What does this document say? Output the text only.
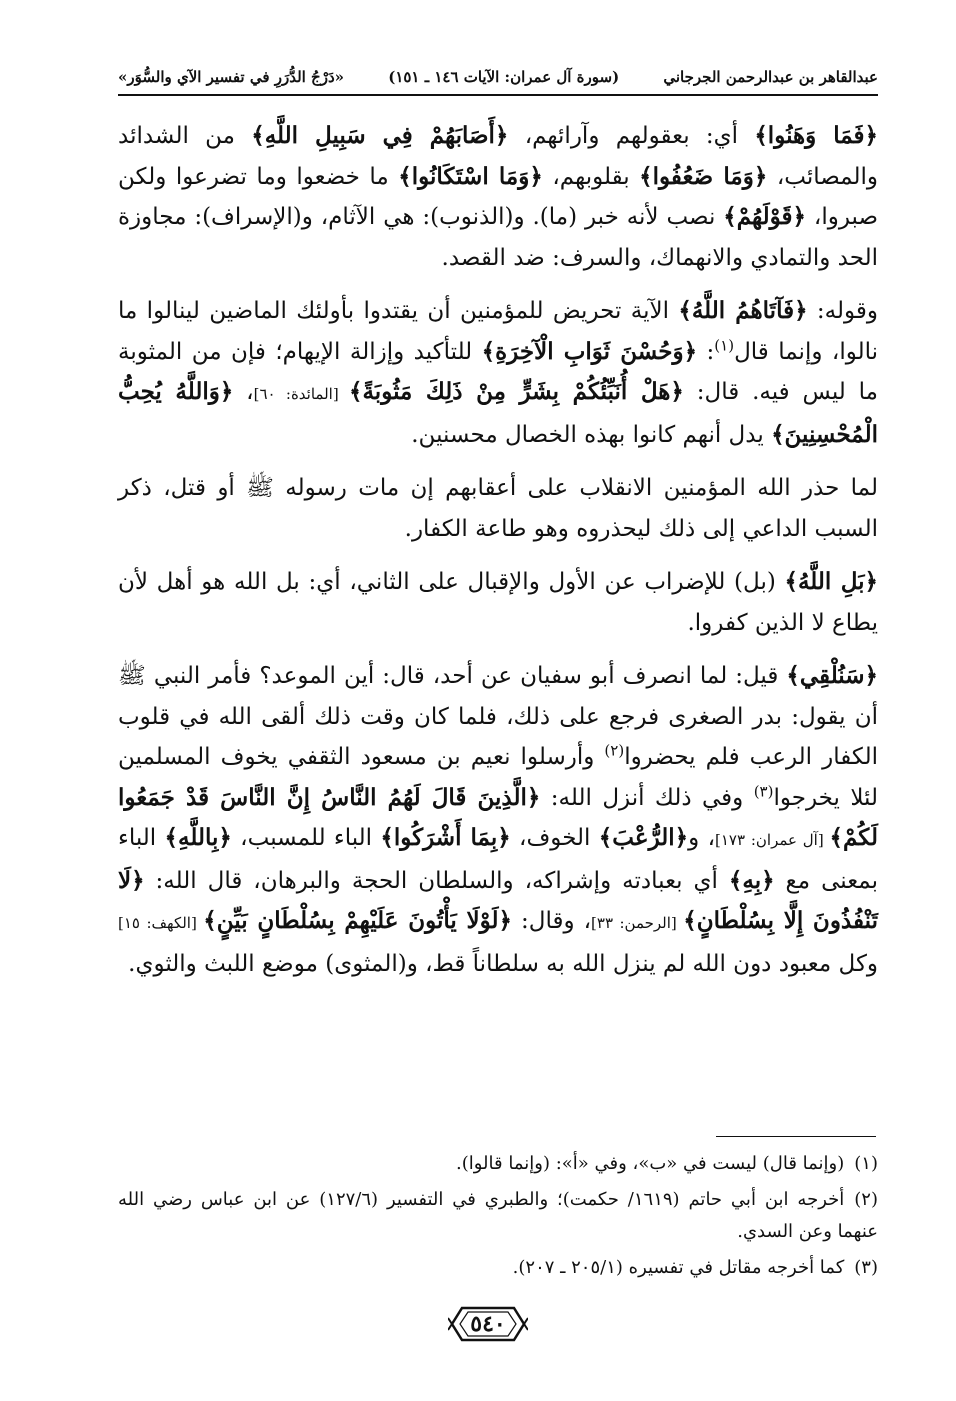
عبدالقاهر بن عبدالرحمن الجرجاني
(سورة آل عمران: الآيات ١٤٦ ـ ١٥١)
«دَرْجُ الدُّرَرِ في تفسير الآي والسُّوَر»

﴿فَمَا وَهَنُوا﴾ أي: بعقولهم وآرائهم، ﴿أَصَابَهُمْ فِي سَبِيلِ اللَّهِ﴾ من الشدائد والمصائب، ﴿وَمَا ضَعُفُوا﴾ بقلوبهم، ﴿وَمَا اسْتَكَانُوا﴾ ما خضعوا وما تضرعوا ولكن صبروا، ﴿قَوْلَهُمْ﴾ نصب لأنه خبر (ما). و(الذنوب): هي الآثام، و(الإسراف): مجاوزة الحد والتمادي والانهماك، والسرف: ضد القصد.

وقوله: ﴿فَآتَاهُمُ اللَّهُ﴾ الآية تحريض للمؤمنين أن يقتدوا بأولئك الماضين لينالوا ما نالوا، وإنما قال$^{(١)}$: ﴿وَحُسْنَ ثَوَابِ الْآخِرَةِ﴾ للتأكيد وإزالة الإيهام؛ فإن من المثوبة ما ليس فيه. قال: ﴿هَلْ أُنَبِّئُكُمْ بِشَرٍّ مِنْ ذَلِكَ مَثُوبَةً﴾ [المائدة: ٦٠]، ﴿وَاللَّهُ يُحِبُّ الْمُحْسِنِينَ﴾ يدل أنهم كانوا بهذه الخصال محسنين.

لما حذر الله المؤمنين الانقلاب على أعقابهم إن مات رسوله ﷺ أو قتل، ذكر السبب الداعي إلى ذلك ليحذروه وهو طاعة الكفار.

﴿بَلِ اللَّهُ﴾ (بل) للإضراب عن الأول والإقبال على الثاني، أي: بل الله هو أهل لأن يطاع لا الذين كفروا.

﴿سَنُلْقِي﴾ قيل: لما انصرف أبو سفيان عن أحد، قال: أين الموعد؟ فأمر النبي ﷺ أن يقول: بدر الصغرى فرجع على ذلك، فلما كان وقت ذلك ألقى الله في قلوب الكفار الرعب فلم يحضروا$^{(٢)}$ وأرسلوا نعيم بن مسعود الثقفي يخوف المسلمين لئلا يخرجوا$^{(٣)}$ وفي ذلك أنزل الله: ﴿الَّذِينَ قَالَ لَهُمُ النَّاسُ إِنَّ النَّاسَ قَدْ جَمَعُوا لَكُمْ﴾ [آل عمران: ١٧٣]، و﴿الرُّعْبَ﴾ الخوف، ﴿بِمَا أَشْرَكُوا﴾ الباء للمسبب، ﴿بِاللَّهِ﴾ الباء بمعنى مع ﴿بِهِ﴾ أي بعبادته وإشراكه، والسلطان الحجة والبرهان، قال الله: ﴿لَا تَنْفُذُونَ إِلَّا بِسُلْطَانٍ﴾ [الرحمن: ٣٣]، وقال: ﴿لَوْلَا يَأْتُونَ عَلَيْهِمْ بِسُلْطَانٍ بَيِّنٍ﴾ [الكهف: ١٥] وكل معبود دون الله لم ينزل الله به سلطاناً قط، و(المثوى) موضع اللبث والثوي.

(١)(وإنما قال) ليست في «ب»، وفي «أ»: (وإنما قالوا).
(٢)أخرجه ابن أبي حاتم (١٦١٩/ حكمت)؛ والطبري في التفسير (١٢٧/٦) عن ابن عباس رضي الله عنهما وعن السدي.
(٣)كما أخرجه مقاتل في تفسيره (٢٠٥/١ ـ ٢٠٧).
٥٤٠
